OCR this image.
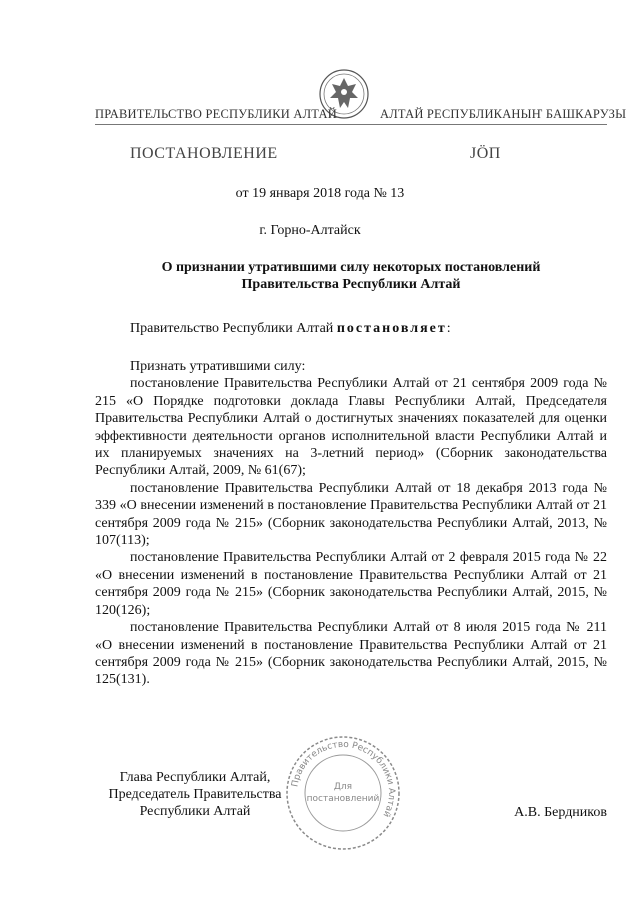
ПРАВИТЕЛЬСТВО РЕСПУБЛИКИ АЛТАЙ	АЛТАЙ РЕСПУБЛИКАНЫҤ БАШКАРУЗЫ
ПОСТАНОВЛЕНИЕ	ЈӦП
от 19 января 2018 года № 13
г. Горно-Алтайск
О признании утратившими силу некоторых постановлений
Правительства Республики Алтай
Правительство Республики Алтай постановляет:

Признать утратившими силу:

постановление Правительства Республики Алтай от 21 сентября 2009 года № 215 «О Порядке подготовки доклада Главы Республики Алтай, Председателя Правительства Республики Алтай о достигнутых значениях показателей для оценки эффективности деятельности органов исполнительной власти Республики Алтай и их планируемых значениях на 3-летний период» (Сборник законодательства Республики Алтай, 2009, № 61(67);

постановление Правительства Республики Алтай от 18 декабря 2013 года № 339 «О внесении изменений в постановление Правительства Республики Алтай от 21 сентября 2009 года № 215» (Сборник законодательства Республики Алтай, 2013, № 107(113);

постановление Правительства Республики Алтай от 2 февраля 2015 года № 22 «О внесении изменений в постановление Правительства Республики Алтай от 21 сентября 2009 года № 215» (Сборник законодательства Республики Алтай, 2015, № 120(126);

постановление Правительства Республики Алтай от 8 июля 2015 года № 211 «О внесении изменений в постановление Правительства Республики Алтай от 21 сентября 2009 года № 215» (Сборник законодательства Республики Алтай, 2015, № 125(131).

Правительство Республики Алтай
Для
постановлений
Глава Республики Алтай,
Председатель Правительства
Республики Алтай	А.В. Бердников
